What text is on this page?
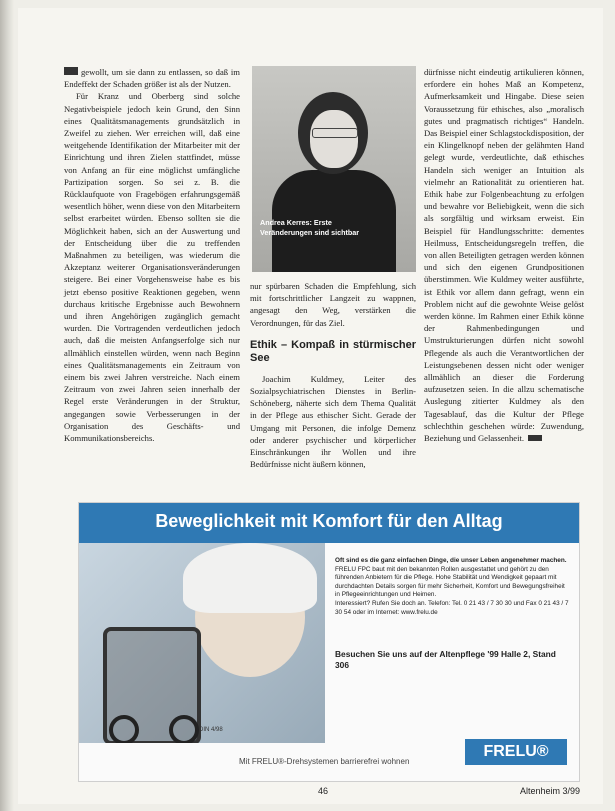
gewollt, um sie dann zu entlassen, so daß im Endeffekt der Schaden größer ist als der Nutzen.

Für Kranz und Oberberg sind solche Negativbeispiele jedoch kein Grund, den Sinn eines Qualitätsmanagements grundsätzlich in Zweifel zu ziehen. Wer erreichen will, daß eine weitgehende Identifikation der Mitarbeiter mit der Einrichtung und ihren Zielen stattfindet, müsse von Anfang an für eine möglichst umfängliche Partizipation sorgen. So sei z. B. die Rücklaufquote von Fragebögen erfahrungsgemäß wesentlich höher, wenn diese von den Mitarbeitern selbst erarbeitet würden. Ebenso sollten sie die Möglichkeit haben, sich an der Auswertung und der Entscheidung über die zu treffenden Maßnahmen zu beteiligen, was wiederum die Akzeptanz weiterer Organisationsveränderungen steigere. Bei einer Vorgehensweise habe es bis jetzt ebenso positive Reaktionen gegeben, wenn durchaus kritische Ergebnisse auch Bewohnern und ihren Angehörigen zugänglich gemacht wurden. Die Vortragenden verdeutlichen jedoch auch, daß die meisten Anfangserfolge sich nur allmählich einstellen würden, wenn nach Beginn eines Qualitätsmanagements ein Zeitraum von einem bis zwei Jahren verstreiche. Nach einem Zeitraum von zwei Jahren seien innerhalb der Regel erste Veränderungen in der Struktur, angegangen sowie Verbesserungen in der Organisation des Geschäfts- und Kommunikationsbereichs.

Andrea Kerres: Erste Veränderungen sind sichtbar

nur spürbaren Schaden die Empfehlung, sich mit fortschrittlicher Langzeit zu wappnen, angesagt den Weg, verstärken die Verordnungen, für das Ziel.

Ethik – Kompaß in stürmischer See

Joachim Kuldmey, Leiter des Sozialpsychiatrischen Dienstes in Berlin-Schöneberg, näherte sich dem Thema Qualität in der Pflege aus ethischer Sicht. Gerade der Umgang mit Personen, die infolge Demenz oder anderer psychischer und körperlicher Einschränkungen ihr Wollen und ihre Bedürfnisse nicht äußern können,

dürfnisse nicht eindeutig artikulieren können, erfordere ein hohes Maß an Kompetenz, Aufmerksamkeit und Hingabe. Diese seien Voraussetzung für ethisches, also „moralisch gutes und pragmatisch richtiges“ Handeln. Das Beispiel einer Schlagstockdisposition, der ein Klingelknopf neben der gelähmten Hand gelegt wurde, verdeutlichte, daß ethisches Handeln sich weniger an Intuition als vielmehr an Rationalität zu orientieren hat. Ethik habe zur Folgenbeachtung zu erfolgen und bewahre vor Beliebigkeit, wenn die sich als sorgfältig und wirksam erweist. Ein Beispiel für Handlungsschritte: dementes Heilmuss, Entscheidungsregeln treffen, die von allen Beteiligten getragen werden können und sich den eigenen Grundpositionen überstimmen. Wie Kuldmey weiter ausführte, ist Ethik vor allem dann gefragt, wenn ein Problem nicht auf die gewohnte Weise gelöst werden könne. Im Rahmen einer Ethik könne der Rahmenbedingungen und Umstrukturierungen dürfen nicht sowohl Pflegende als auch die Verantwortlichen der Leistungsebenen dessen nicht oder weniger allmählich an dieser die Forderung aufzusetzen seien. In die allzu schematische Auslegung zitierter Kuldmey als den Tagesablauf, das die Kultur der Pflege schlechthin geschehen würde: Zuwendung, Beziehung und Gelassenheit.

Beweglichkeit mit Komfort für den Alltag
DIN 4/98
Oft sind es die ganz einfachen Dinge, die unser Leben angenehmer machen.
FRELU FPC baut mit den bekannten Rollen ausgestattet und gehört zu den führenden Anbietern für die Pflege. Hohe Stabilität und Wendigkeit gepaart mit durchdachten Details sorgen für mehr Sicherheit, Komfort und Bewegungsfreiheit in Pflegeeinrichtungen und Heimen.
Interessiert? Rufen Sie doch an. Telefon: Tel. 0 21 43 / 7 30 30 und Fax 0 21 43 / 7 30 54 oder im Internet: www.frelu.de
Besuchen Sie uns auf der Altenpflege '99 Halle 2, Stand 306
Mit FRELU®-Drehsystemen barrierefrei wohnen
FRELU®
46	Altenheim 3/99
